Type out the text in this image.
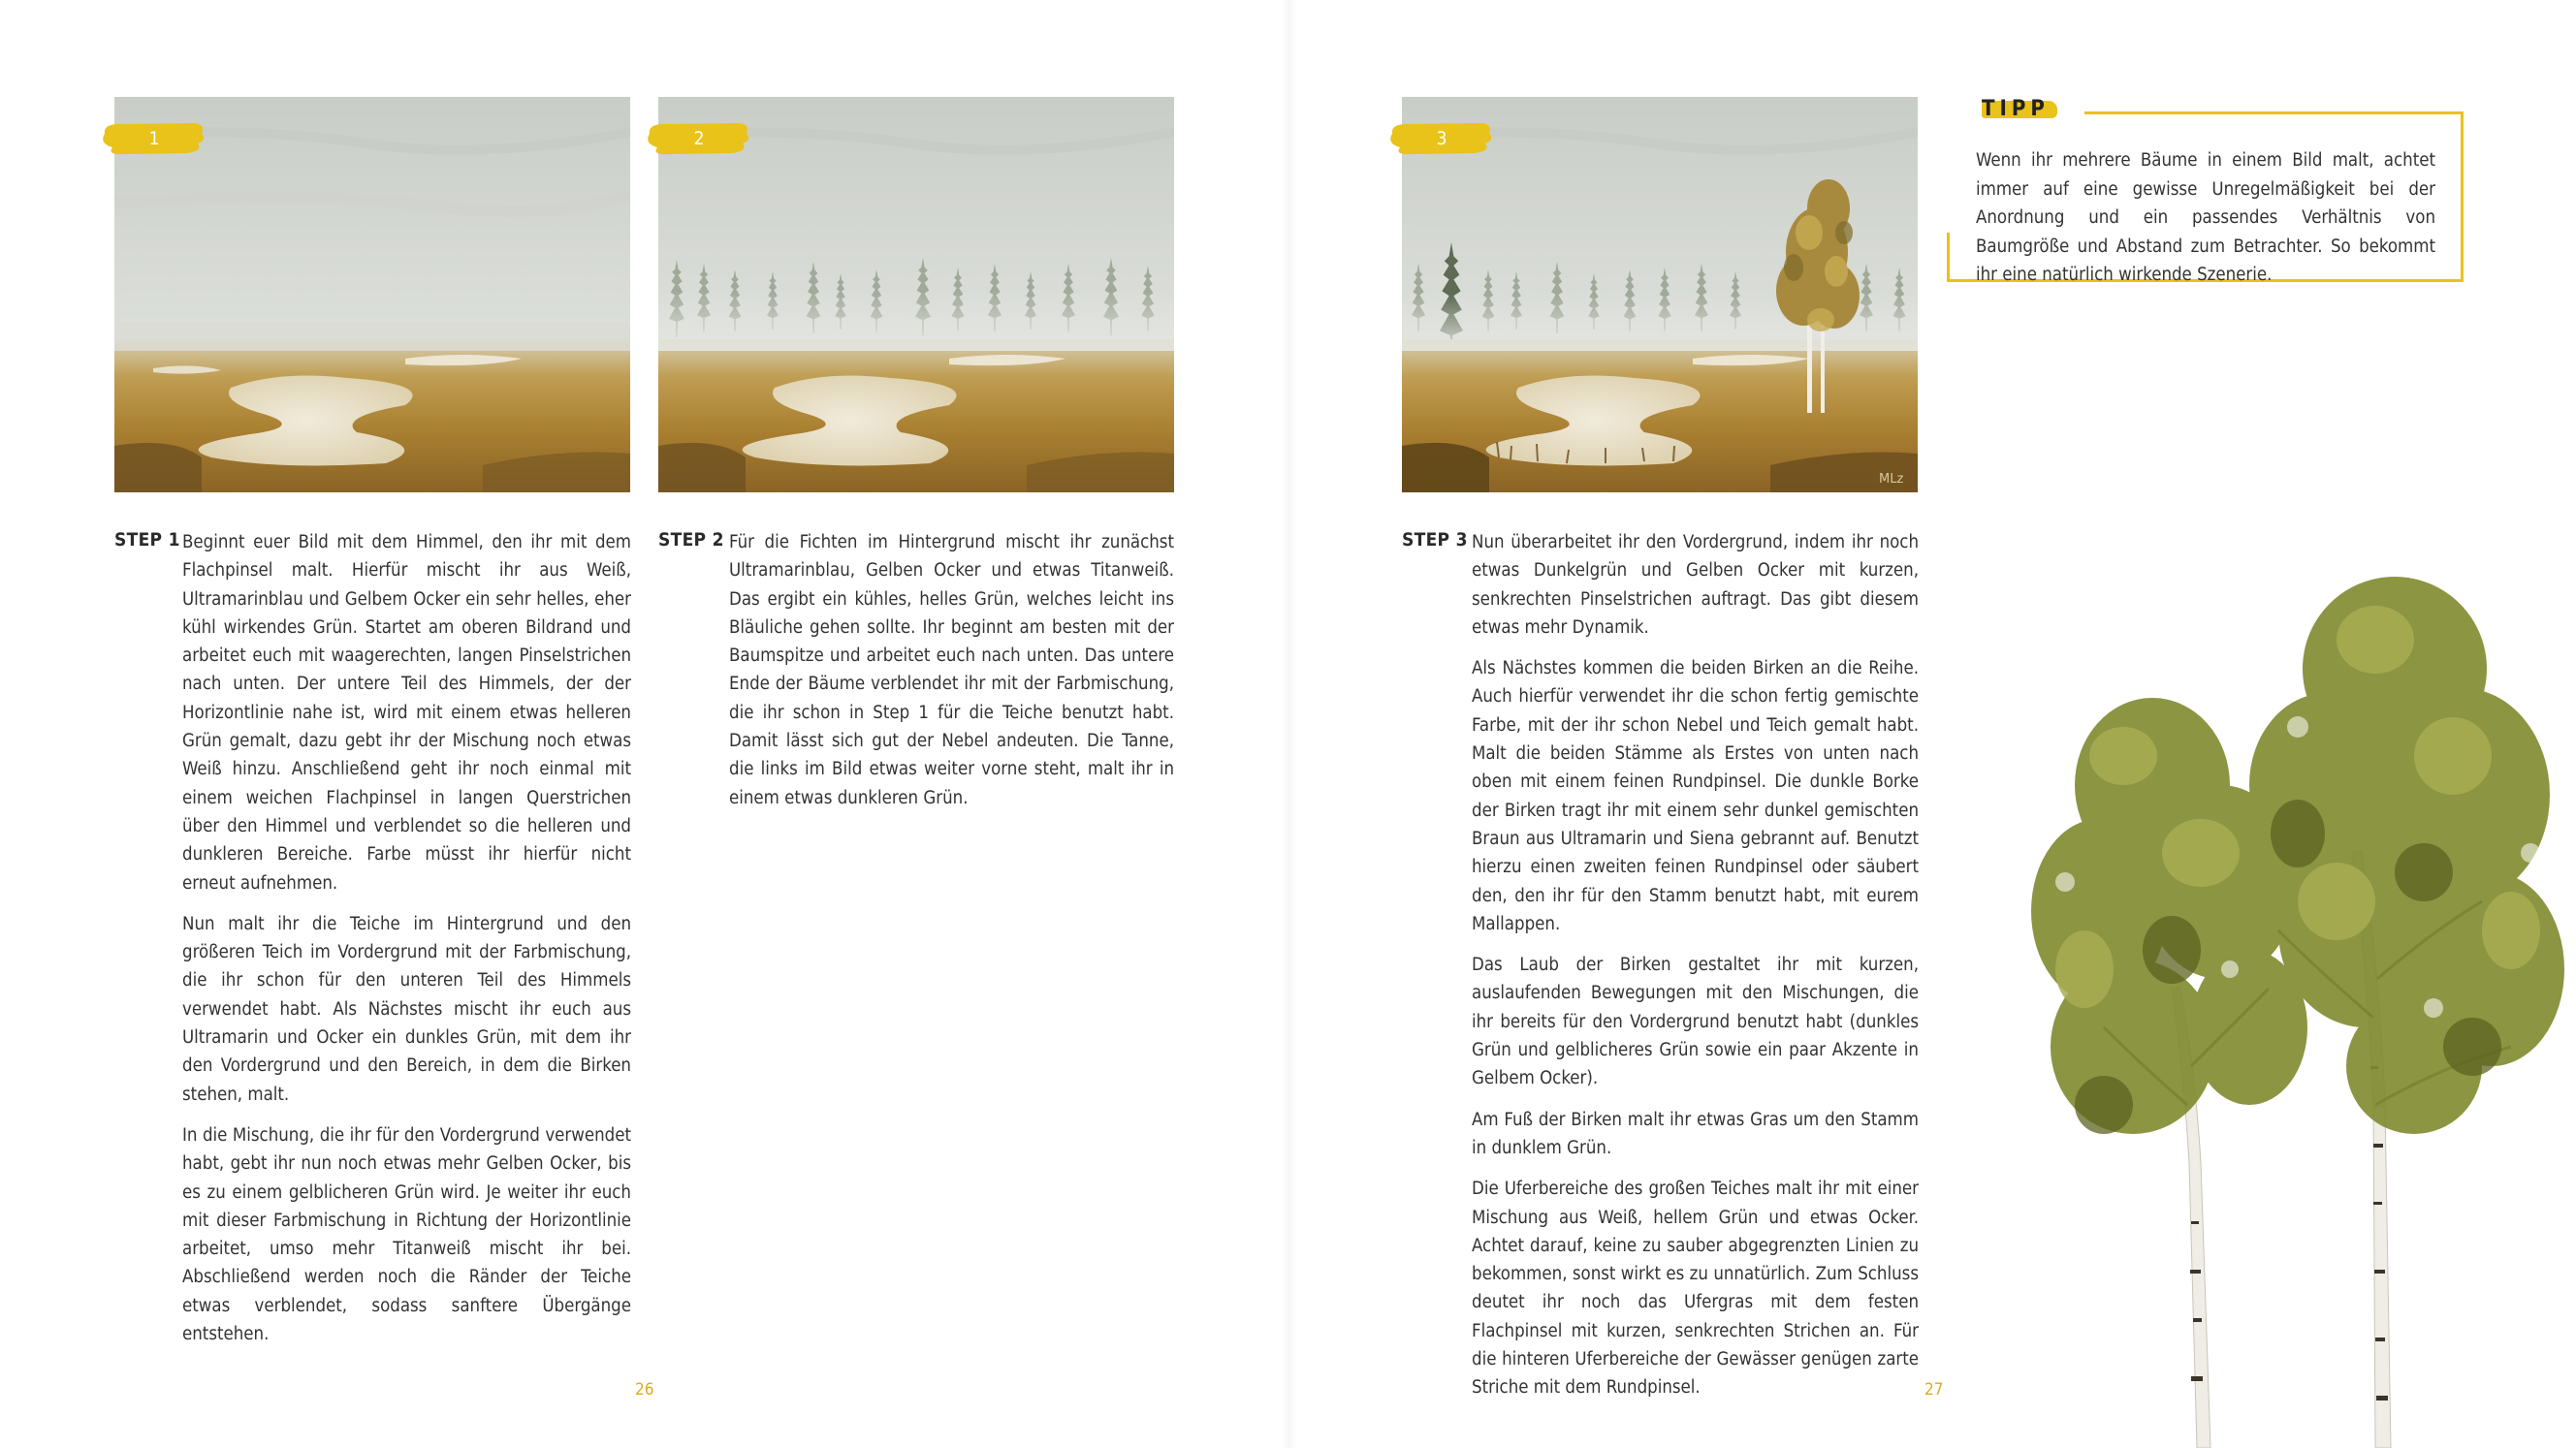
MLz
1	2	3
STEP 1	STEP 2	STEP 3

Beginnt euer Bild mit dem Himmel, den ihr mit dem Flachpinsel malt. Hierfür mischt ihr aus Weiß, Ultramarinblau und Gelbem Ocker ein sehr helles, eher kühl wirkendes Grün. Startet am oberen Bildrand und arbeitet euch mit waagerechten, langen Pinselstrichen nach unten. Der untere Teil des Himmels, der der Horizontlinie nahe ist, wird mit einem etwas helleren Grün gemalt, dazu gebt ihr der Mischung noch etwas Weiß hinzu. Anschließend geht ihr noch einmal mit einem weichen Flachpinsel in langen Querstrichen über den Himmel und verblendet so die helleren und dunkleren Bereiche. Farbe müsst ihr hierfür nicht erneut aufnehmen.

Nun malt ihr die Teiche im Hintergrund und den größeren Teich im Vordergrund mit der Farbmischung, die ihr schon für den unteren Teil des Himmels verwendet habt. Als Nächstes mischt ihr euch aus Ultramarin und Ocker ein dunkles Grün, mit dem ihr den Vordergrund und den Bereich, in dem die Birken stehen, malt.

In die Mischung, die ihr für den Vordergrund verwendet habt, gebt ihr nun noch etwas mehr Gelben Ocker, bis es zu einem gelblicheren Grün wird. Je weiter ihr euch mit dieser Farbmischung in Richtung der Horizontlinie arbeitet, umso mehr Titanweiß mischt ihr bei. Abschließend werden noch die Ränder der Teiche etwas verblendet, sodass sanftere Übergänge entstehen.

Für die Fichten im Hintergrund mischt ihr zunächst Ultramarinblau, Gelben Ocker und etwas Titanweiß. Das ergibt ein kühles, helles Grün, welches leicht ins Bläuliche gehen sollte. Ihr beginnt am besten mit der Baumspitze und arbeitet euch nach unten. Das untere Ende der Bäume verblendet ihr mit der Farbmischung, die ihr schon in Step 1 für die Teiche benutzt habt. Damit lässt sich gut der Nebel andeuten. Die Tanne, die links im Bild etwas weiter vorne steht, malt ihr in einem etwas dunkleren Grün.

Nun überarbeitet ihr den Vordergrund, indem ihr noch etwas Dunkelgrün und Gelben Ocker mit kurzen, senkrechten Pinselstrichen auftragt. Das gibt diesem etwas mehr Dynamik.

Als Nächstes kommen die beiden Birken an die Reihe. Auch hierfür verwendet ihr die schon fertig gemischte Farbe, mit der ihr schon Nebel und Teich gemalt habt. Malt die beiden Stämme als Erstes von unten nach oben mit einem feinen Rundpinsel. Die dunkle Borke der Birken tragt ihr mit einem sehr dunkel gemischten Braun aus Ultramarin und Siena gebrannt auf. Benutzt hierzu einen zweiten feinen Rundpinsel oder säubert den, den ihr für den Stamm benutzt habt, mit eurem Mallappen.

Das Laub der Birken gestaltet ihr mit kurzen, auslaufenden Bewegungen mit den Mischungen, die ihr bereits für den Vordergrund benutzt habt (dunkles Grün und gelblicheres Grün sowie ein paar Akzente in Gelbem Ocker).

Am Fuß der Birken malt ihr etwas Gras um den Stamm in dunklem Grün.

Die Uferbereiche des großen Teiches malt ihr mit einer Mischung aus Weiß, hellem Grün und etwas Ocker. Achtet darauf, keine zu sauber abgegrenzten Linien zu bekommen, sonst wirkt es zu unnatürlich. Zum Schluss deutet ihr noch das Ufergras mit dem festen Flachpinsel mit kurzen, senkrechten Strichen an. Für die hinteren Uferbereiche der Gewässer genügen zarte Striche mit dem Rundpinsel.

TIPP
Wenn ihr mehrere Bäume in einem Bild malt, achtet immer auf eine gewisse Unregelmäßigkeit bei der Anordnung und ein passendes Verhältnis von Baumgröße und Abstand zum Betrachter. So bekommt ihr eine natürlich wirkende Szenerie.
26	27
